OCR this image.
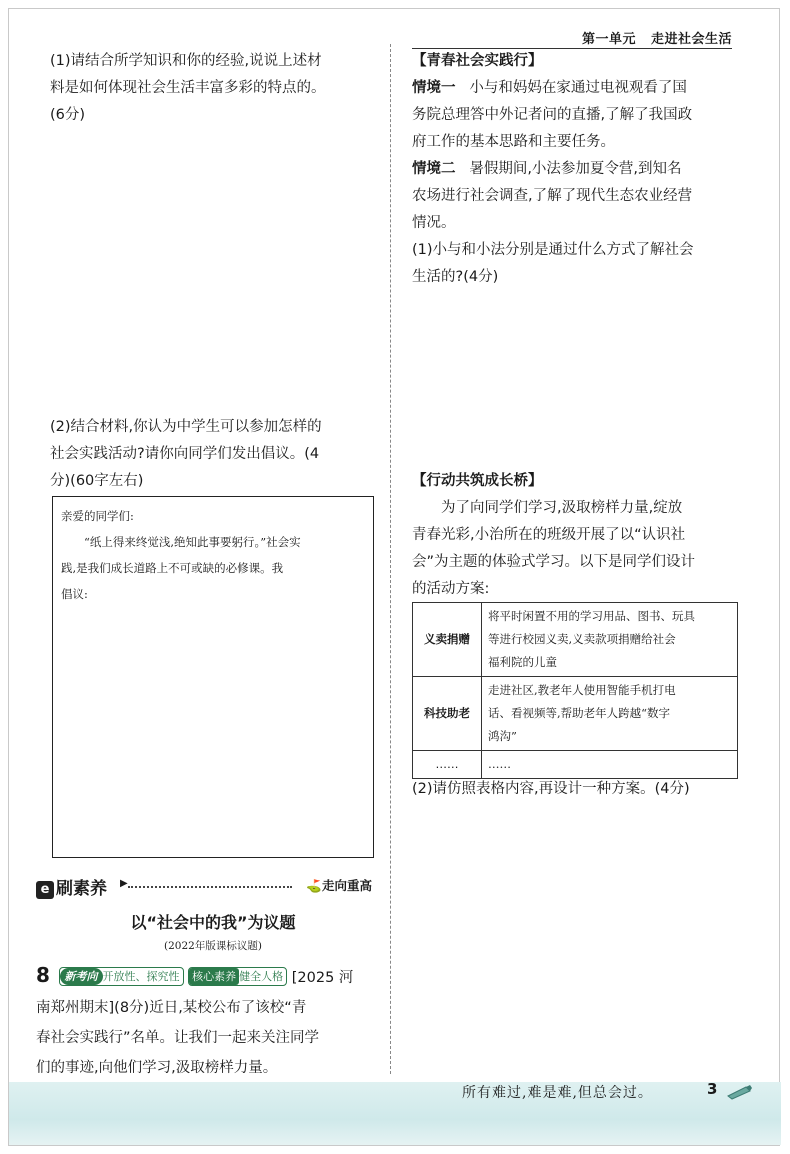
第一单元 走进社会生活

(1)请结合所学知识和你的经验,说说上述材

料是如何体现社会生活丰富多彩的特点的。

(6分)

(2)结合材料,你认为中学生可以参加怎样的

社会实践活动?请你向同学们发出倡议。(4

分)(60字左右)

亲爱的同学们:

“纸上得来终觉浅,绝知此事要躬行。”社会实

践,是我们成长道路上不可或缺的必修课。我

倡议:

e 刷素养 ▶	⛳走向重高
以“社会中的我”为议题
(2022年版课标议题)

8 新考向 开放性、探究性 核心素养 健全人格 [2025 河

南郑州期末](8分)近日,某校公布了该校“青

春社会实践行”名单。让我们一起来关注同学

们的事迹,向他们学习,汲取榜样力量。

【青春社会实践行】

情境一 小与和妈妈在家通过电视观看了国

务院总理答中外记者问的直播,了解了我国政

府工作的基本思路和主要任务。

情境二 暑假期间,小法参加夏令营,到知名

农场进行社会调查,了解了现代生态农业经营

情况。

(1)小与和小法分别是通过什么方式了解社会

生活的?(4分)

【行动共筑成长桥】

为了向同学们学习,汲取榜样力量,绽放

青春光彩,小治所在的班级开展了以“认识社

会”为主题的体验式学习。以下是同学们设计

的活动方案:

义卖捐赠	将平时闲置不用的学习用品、图书、玩具
等进行校园义卖,义卖款项捐赠给社会
福利院的儿童

科技助老	走进社区,教老年人使用智能手机打电
话、看视频等,帮助老年人跨越“数字
鸿沟”

……	……

(2)请仿照表格内容,再设计一种方案。(4分)

所有难过,难是难,但总会过。	3
